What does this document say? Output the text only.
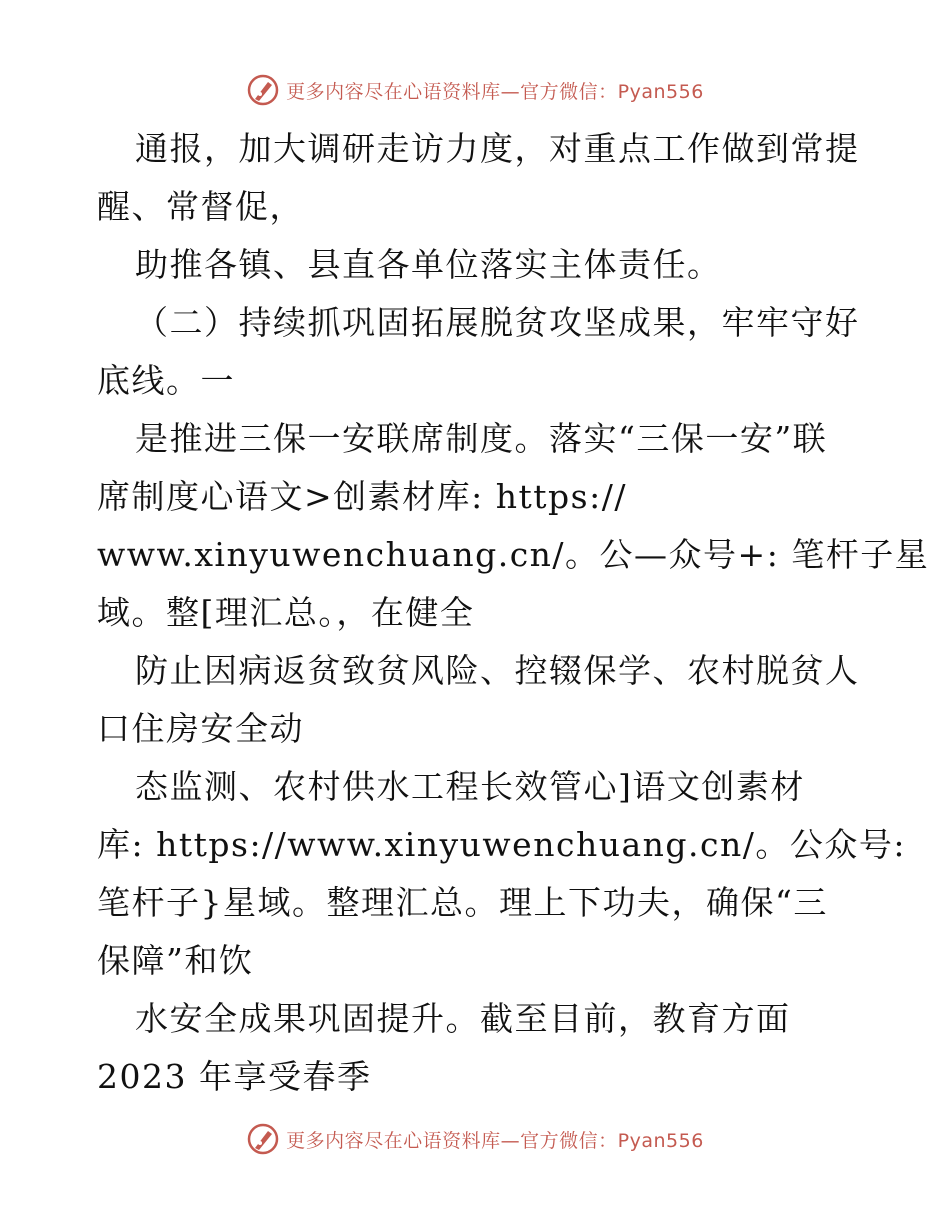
更多内容尽在心语资料库—官方微信：Pyan556
通报，加大调研走访力度，对重点工作做到常提
醒、常督促，
助推各镇、县直各单位落实主体责任。
（二）持续抓巩固拓展脱贫攻坚成果，牢牢守好
底线。一
是推进三保一安联席制度。落实“三保一安”联
席制度心语文>创素材库: https://
www.xinyuwenchuang.cn/。公—众号+: 笔杆子星
域。整[理汇总。，在健全
防止因病返贫致贫风险、控辍保学、农村脱贫人
口住房安全动
态监测、农村供水工程长效管心]语文创素材
库: https://www.xinyuwenchuang.cn/。公众号:
笔杆子}星域。整理汇总。理上下功夫，确保“三
保障”和饮
水安全成果巩固提升。截至目前，教育方面
2023 年享受春季
更多内容尽在心语资料库—官方微信：Pyan556
